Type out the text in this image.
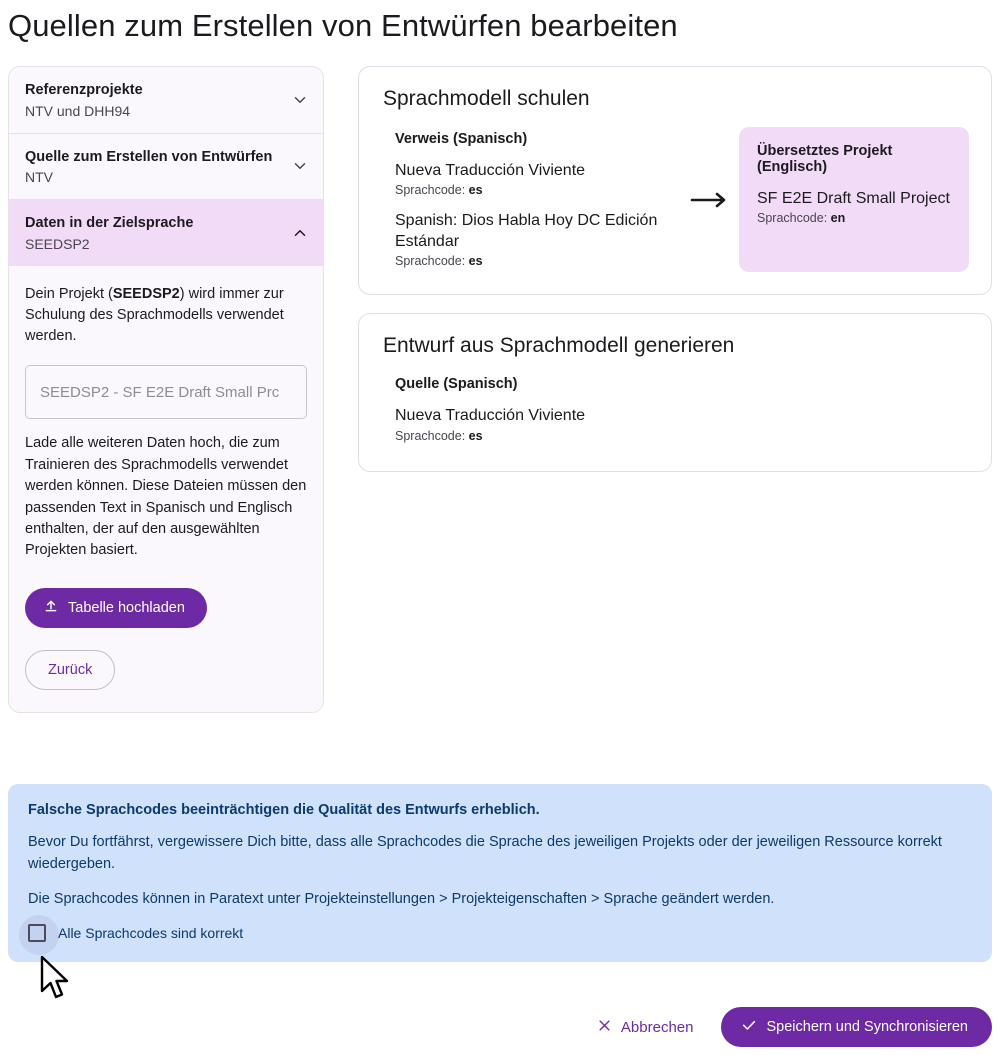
Quellen zum Erstellen von Entwürfen bearbeiten
Referenzprojekte
NTV und DHH94
Quelle zum Erstellen von Entwürfen
NTV
Daten in der Zielsprache
SEEDSP2
Dein Projekt (SEEDSP2) wird immer zur Schulung des Sprachmodells verwendet werden.
SEEDSP2 - SF E2E Draft Small Prc
Lade alle weiteren Daten hoch, die zum Trainieren des Sprachmodells verwendet werden können. Diese Dateien müssen den passenden Text in Spanisch und Englisch enthalten, der auf den ausgewählten Projekten basiert.
Tabelle hochladen
Zurück
Sprachmodell schulen
Verweis (Spanisch)
Nueva Traducción Viviente
Sprachcode: es
Spanish: Dios Habla Hoy DC Edición Estándar
Sprachcode: es
Übersetztes Projekt (Englisch)
SF E2E Draft Small Project
Sprachcode: en
Entwurf aus Sprachmodell generieren
Quelle (Spanisch)
Nueva Traducción Viviente
Sprachcode: es
Falsche Sprachcodes beeinträchtigen die Qualität des Entwurfs erheblich.
Bevor Du fortfährst, vergewissere Dich bitte, dass alle Sprachcodes die Sprache des jeweiligen Projekts oder der jeweiligen Ressource korrekt wiedergeben.
Die Sprachcodes können in Paratext unter Projekteinstellungen > Projekteigenschaften > Sprache geändert werden.
Alle Sprachcodes sind korrekt
Abbrechen	Speichern und Synchronisieren
